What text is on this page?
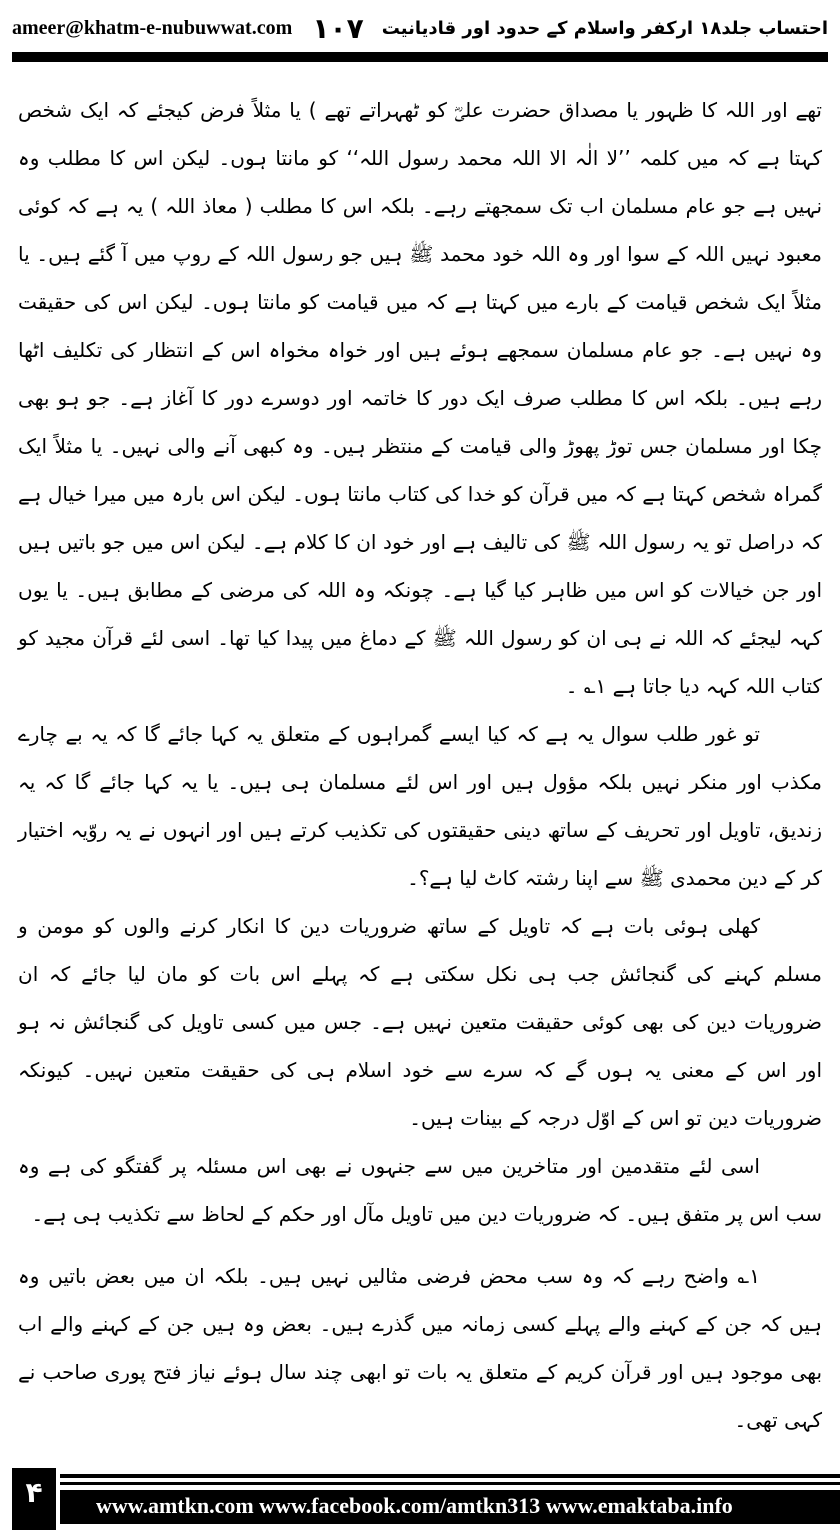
احتساب جلد۱۸ ارکفر واسلام کے حدود اور قادیانیت
۱۰۷
ameer@khatm-e-nubuwwat.com

تھے اور اللہ کا ظہور یا مصداق حضرت علیؓ کو ٹھہراتے تھے ) یا مثلاً فرض کیجئے کہ ایک شخص کہتا ہے کہ میں کلمہ ’’لا الٰہ الا اللہ محمد رسول اللہ‘‘ کو مانتا ہوں۔ لیکن اس کا مطلب وہ نہیں ہے جو عام مسلمان اب تک سمجھتے رہے۔ بلکہ اس کا مطلب ( معاذ اللہ ) یہ ہے کہ کوئی معبود نہیں اللہ کے سوا اور وہ اللہ خود محمد ﷺ ہیں جو رسول اللہ کے روپ میں آ گئے ہیں۔ یا مثلاً ایک شخص قیامت کے بارے میں کہتا ہے کہ میں قیامت کو مانتا ہوں۔ لیکن اس کی حقیقت وہ نہیں ہے۔ جو عام مسلمان سمجھے ہوئے ہیں اور خواہ مخواہ اس کے انتظار کی تکلیف اٹھا رہے ہیں۔ بلکہ اس کا مطلب صرف ایک دور کا خاتمہ اور دوسرے دور کا آغاز ہے۔ جو ہو بھی چکا اور مسلمان جس توڑ پھوڑ والی قیامت کے منتظر ہیں۔ وہ کبھی آنے والی نہیں۔ یا مثلاً ایک گمراہ شخص کہتا ہے کہ میں قرآن کو خدا کی کتاب مانتا ہوں۔ لیکن اس بارہ میں میرا خیال ہے کہ دراصل تو یہ رسول اللہ ﷺ کی تالیف ہے اور خود ان کا کلام ہے۔ لیکن اس میں جو باتیں ہیں اور جن خیالات کو اس میں ظاہر کیا گیا ہے۔ چونکہ وہ اللہ کی مرضی کے مطابق ہیں۔ یا یوں کہہ لیجئے کہ اللہ نے ہی ان کو رسول اللہ ﷺ کے دماغ میں پیدا کیا تھا۔ اسی لئے قرآن مجید کو کتاب اللہ کہہ دیا جاتا ہے ۱؎ ۔

تو غور طلب سوال یہ ہے کہ کیا ایسے گمراہوں کے متعلق یہ کہا جائے گا کہ یہ بے چارے مکذب اور منکر نہیں بلکہ مؤول ہیں اور اس لئے مسلمان ہی ہیں۔ یا یہ کہا جائے گا کہ یہ زندیق، تاویل اور تحریف کے ساتھ دینی حقیقتوں کی تکذیب کرتے ہیں اور انہوں نے یہ روّیہ اختیار کر کے دین محمدی ﷺ سے اپنا رشتہ کاٹ لیا ہے؟۔

کھلی ہوئی بات ہے کہ تاویل کے ساتھ ضروریات دین کا انکار کرنے والوں کو مومن و مسلم کہنے کی گنجائش جب ہی نکل سکتی ہے کہ پہلے اس بات کو مان لیا جائے کہ ان ضروریات دین کی بھی کوئی حقیقت متعین نہیں ہے۔ جس میں کسی تاویل کی گنجائش نہ ہو اور اس کے معنی یہ ہوں گے کہ سرے سے خود اسلام ہی کی حقیقت متعین نہیں۔ کیونکہ ضروریات دین تو اس کے اوّل درجہ کے بینات ہیں۔

اسی لئے متقدمین اور متاخرین میں سے جنہوں نے بھی اس مسئلہ پر گفتگو کی ہے وہ سب اس پر متفق ہیں۔ کہ ضروریات دین میں تاویل مآل اور حکم کے لحاظ سے تکذیب ہی ہے۔

۱؎ واضح رہے کہ وہ سب محض فرضی مثالیں نہیں ہیں۔ بلکہ ان میں بعض باتیں وہ ہیں کہ جن کے کہنے والے پہلے کسی زمانہ میں گذرے ہیں۔ بعض وہ ہیں جن کے کہنے والے اب بھی موجود ہیں اور قرآن کریم کے متعلق یہ بات تو ابھی چند سال ہوئے نیاز فتح پوری صاحب نے کہی تھی۔

۴	www.amtkn.com www.facebook.com/amtkn313 www.emaktaba.info
